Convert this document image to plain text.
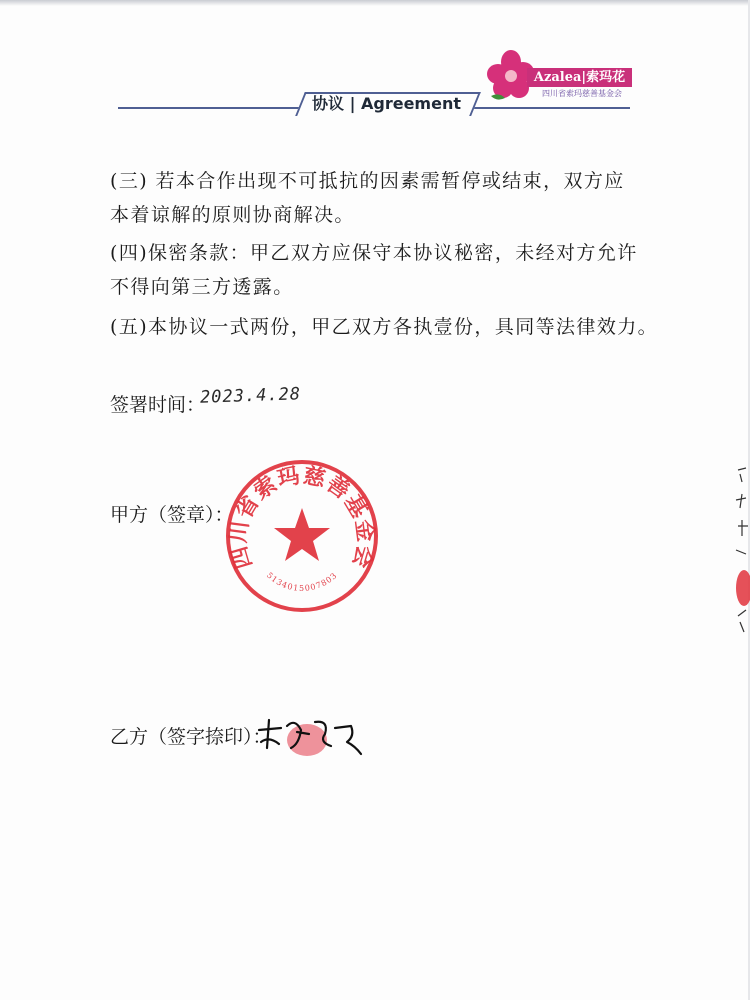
Azalea|索玛花
四川省索玛慈善基金会
协议 | Agreement
(三) 若本合作出现不可抵抗的因素需暂停或结束，双方应
本着谅解的原则协商解决。
(四)保密条款：甲乙双方应保守本协议秘密，未经对方允许
不得向第三方透露。
(五)本协议一式两份，甲乙双方各执壹份，具同等法律效力。
签署时间：
2023.4.28
甲方（签章）：
四川省索玛慈善基金会
5134015007803
乙方（签字捺印）：
